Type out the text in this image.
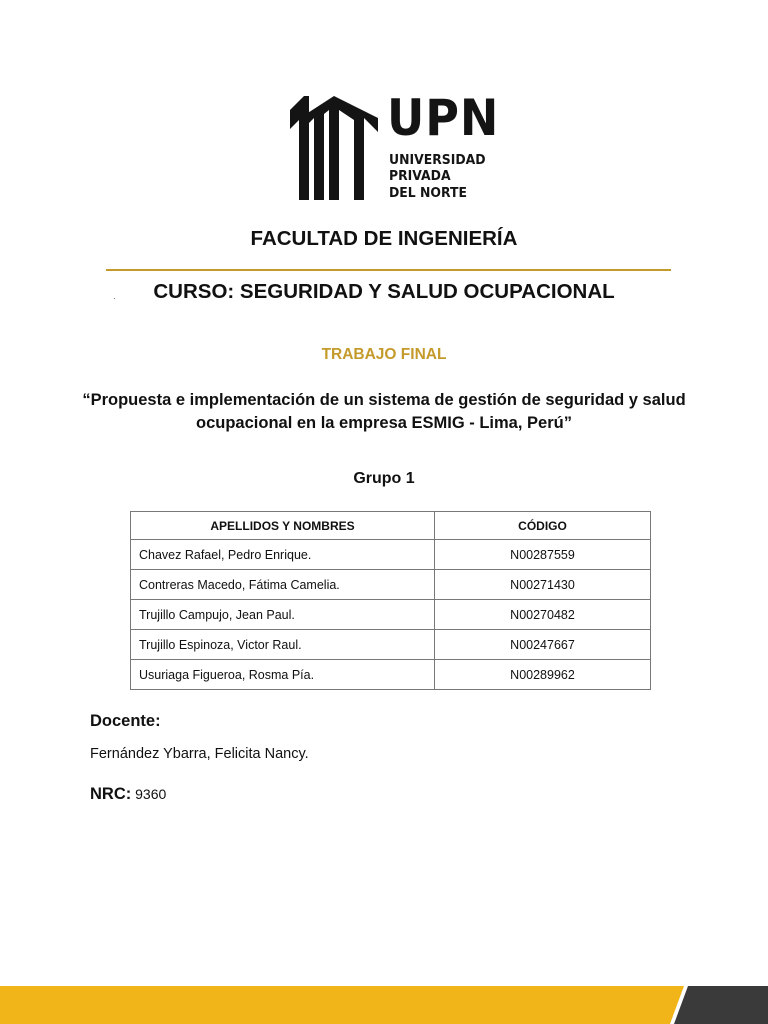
UPN
UNIVERSIDAD
PRIVADA
DEL NORTE
FACULTAD DE INGENIERÍA
·	CURSO: SEGURIDAD Y SALUD OCUPACIONAL
TRABAJO FINAL
“Propuesta e implementación de un sistema de gestión de seguridad y salud ocupacional en la empresa ESMIG - Lima, Perú”
Grupo 1
APELLIDOS Y NOMBRES	CÓDIGO
Chavez Rafael, Pedro Enrique.	N00287559
Contreras Macedo, Fátima Camelia.	N00271430
Trujillo Campujo, Jean Paul.	N00270482
Trujillo Espinoza, Victor Raul.	N00247667
Usuriaga Figueroa, Rosma Pía.	N00289962
Docente:
Fernández Ybarra, Felicita Nancy.
NRC: 9360
